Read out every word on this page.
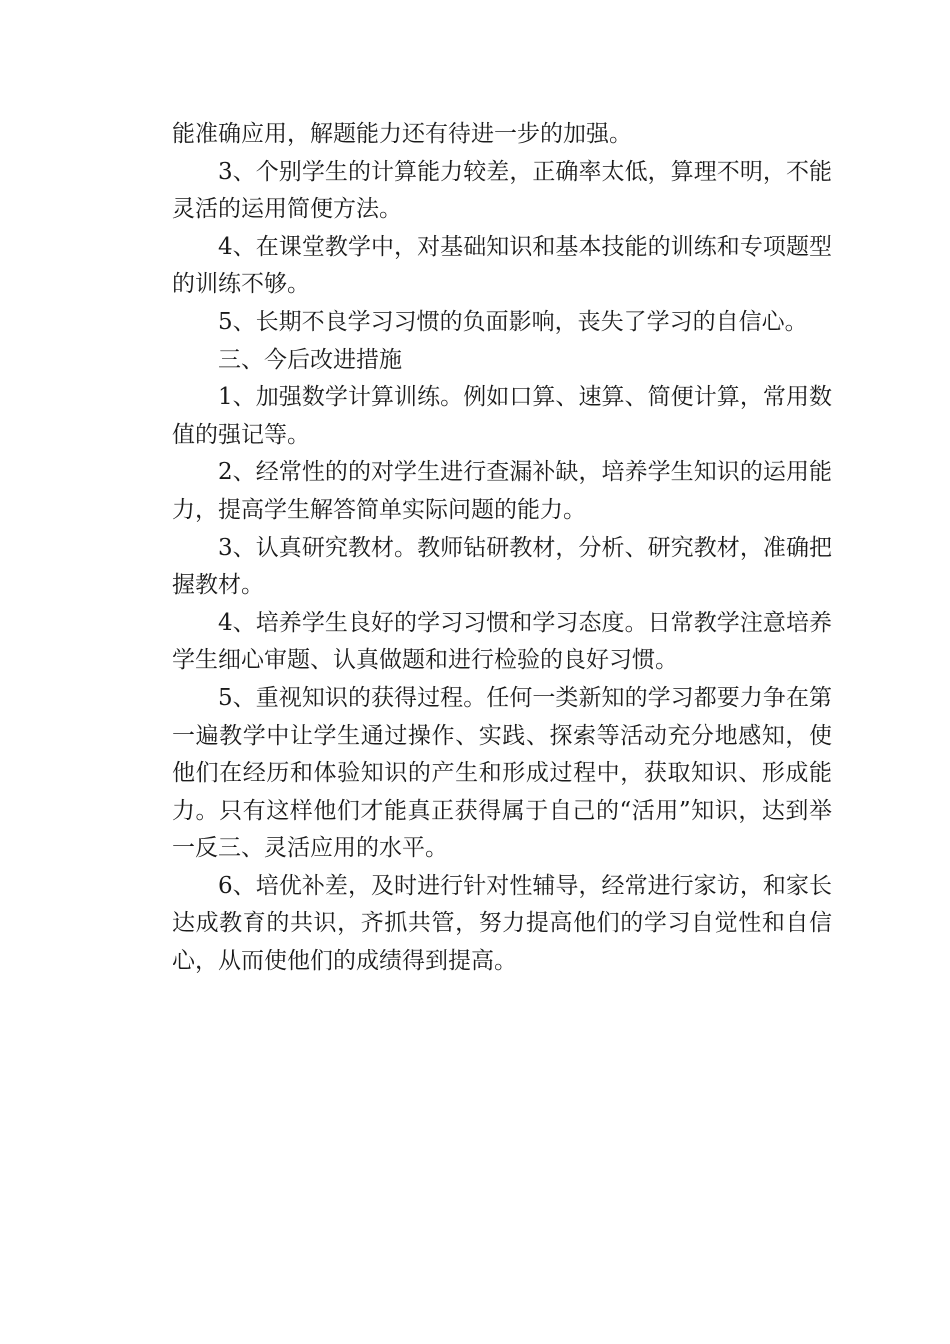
能准确应用，解题能力还有待进一步的加强。

3、个别学生的计算能力较差，正确率太低，算理不明，不能灵活的运用简便方法。

4、在课堂教学中，对基础知识和基本技能的训练和专项题型的训练不够。

5、长期不良学习习惯的负面影响，丧失了学习的自信心。

三、今后改进措施

1、加强数学计算训练。例如口算、速算、简便计算，常用数值的强记等。

2、经常性的的对学生进行查漏补缺，培养学生知识的运用能力，提高学生解答简单实际问题的能力。

3、认真研究教材。教师钻研教材，分析、研究教材，准确把握教材。

4、培养学生良好的学习习惯和学习态度。日常教学注意培养学生细心审题、认真做题和进行检验的良好习惯。

5、重视知识的获得过程。任何一类新知的学习都要力争在第一遍教学中让学生通过操作、实践、探索等活动充分地感知，使他们在经历和体验知识的产生和形成过程中，获取知识、形成能力。只有这样他们才能真正获得属于自己的“活用”知识，达到举一反三、灵活应用的水平。

6、培优补差，及时进行针对性辅导，经常进行家访，和家长达成教育的共识，齐抓共管，努力提高他们的学习自觉性和自信心，从而使他们的成绩得到提高。
